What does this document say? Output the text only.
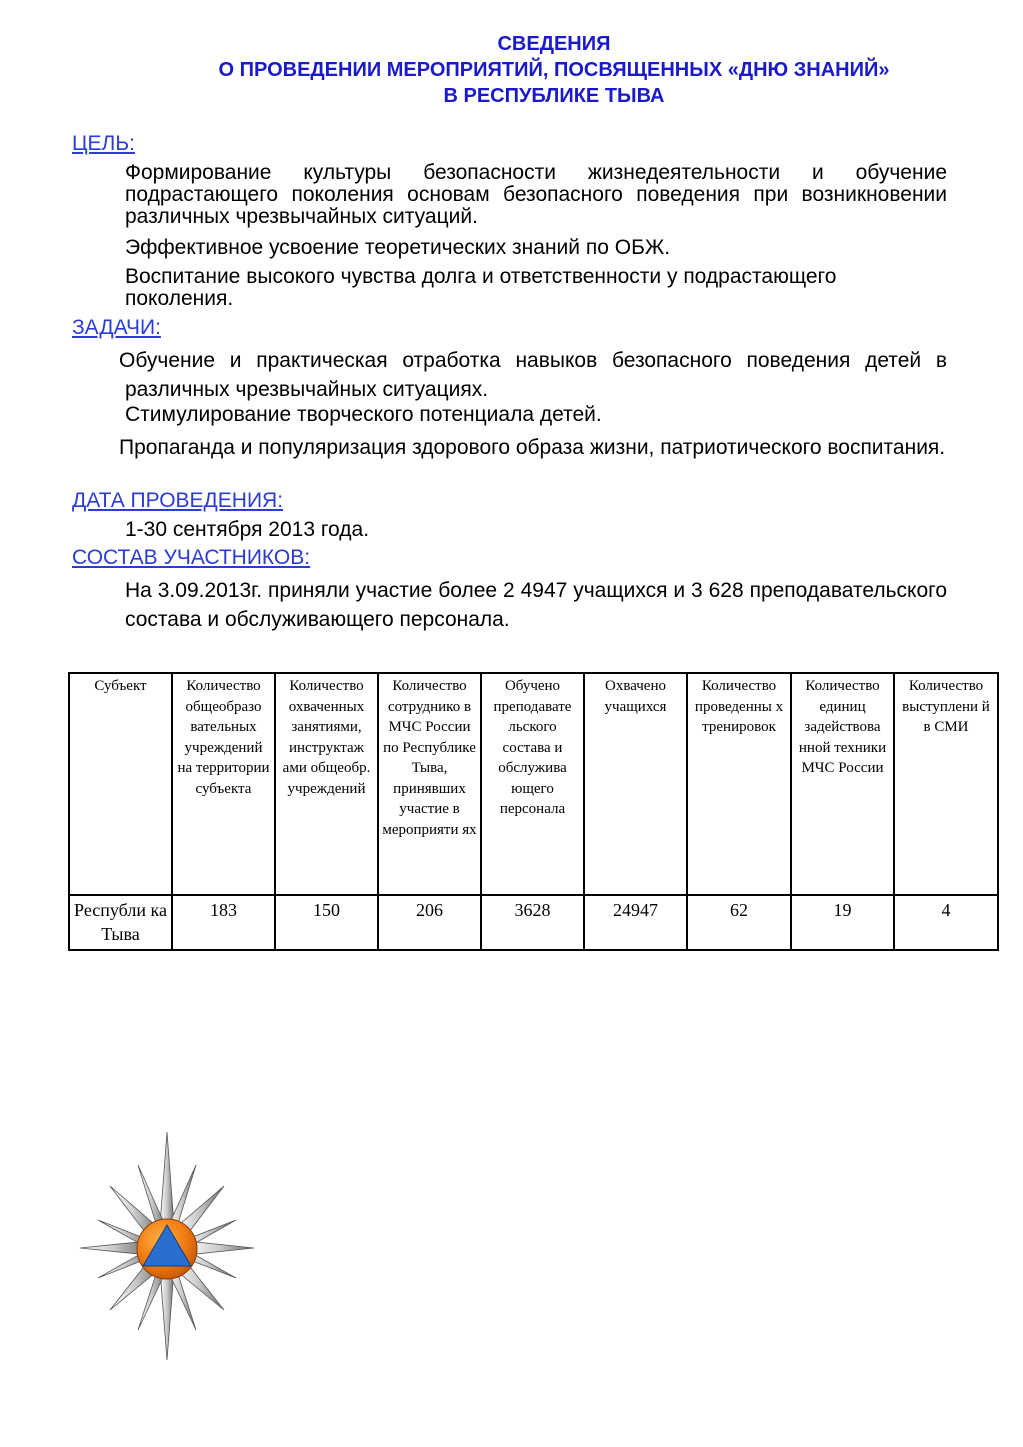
СВЕДЕНИЯ
О ПРОВЕДЕНИИ МЕРОПРИЯТИЙ, ПОСВЯЩЕННЫХ «ДНЮ ЗНАНИЙ»
В РЕСПУБЛИКЕ ТЫВА
ЦЕЛЬ:
Формирование культуры безопасности жизнедеятельности и обучение подрастающего поколения основам безопасного поведения при возникновении различных чрезвычайных ситуаций.
Эффективное усвоение теоретических знаний по ОБЖ.
Воспитание высокого чувства долга и ответственности у подрастающего поколения.
ЗАДАЧИ:
Обучение и практическая отработка навыков безопасного поведения детей в различных чрезвычайных ситуациях.
Стимулирование творческого потенциала детей.
Пропаганда и популяризация здорового образа жизни, патриотического воспитания.
ДАТА ПРОВЕДЕНИЯ:
1-30 сентября 2013 года.
СОСТАВ УЧАСТНИКОВ:
На 3.09.2013г. приняли участие более 2 4947 учащихся и 3 628 преподавательского состава и обслуживающего персонала.
Субъект	Количество общеобразо вательных учреждений на территории субъекта	Количество охваченных занятиями, инструктаж ами общеобр. учреждений	Количество сотруднико в МЧС России по Республике Тыва, принявших участие в мероприяти ях	Обучено преподавате льского состава и обслужива ющего персонала	Охвачено учащихся	Количество проведенны х тренировок	Количество единиц задействова нной техники МЧС России	Количество выступлени й в СМИ
Республи ка Тыва	183	150	206	3628	24947	62	19	4
